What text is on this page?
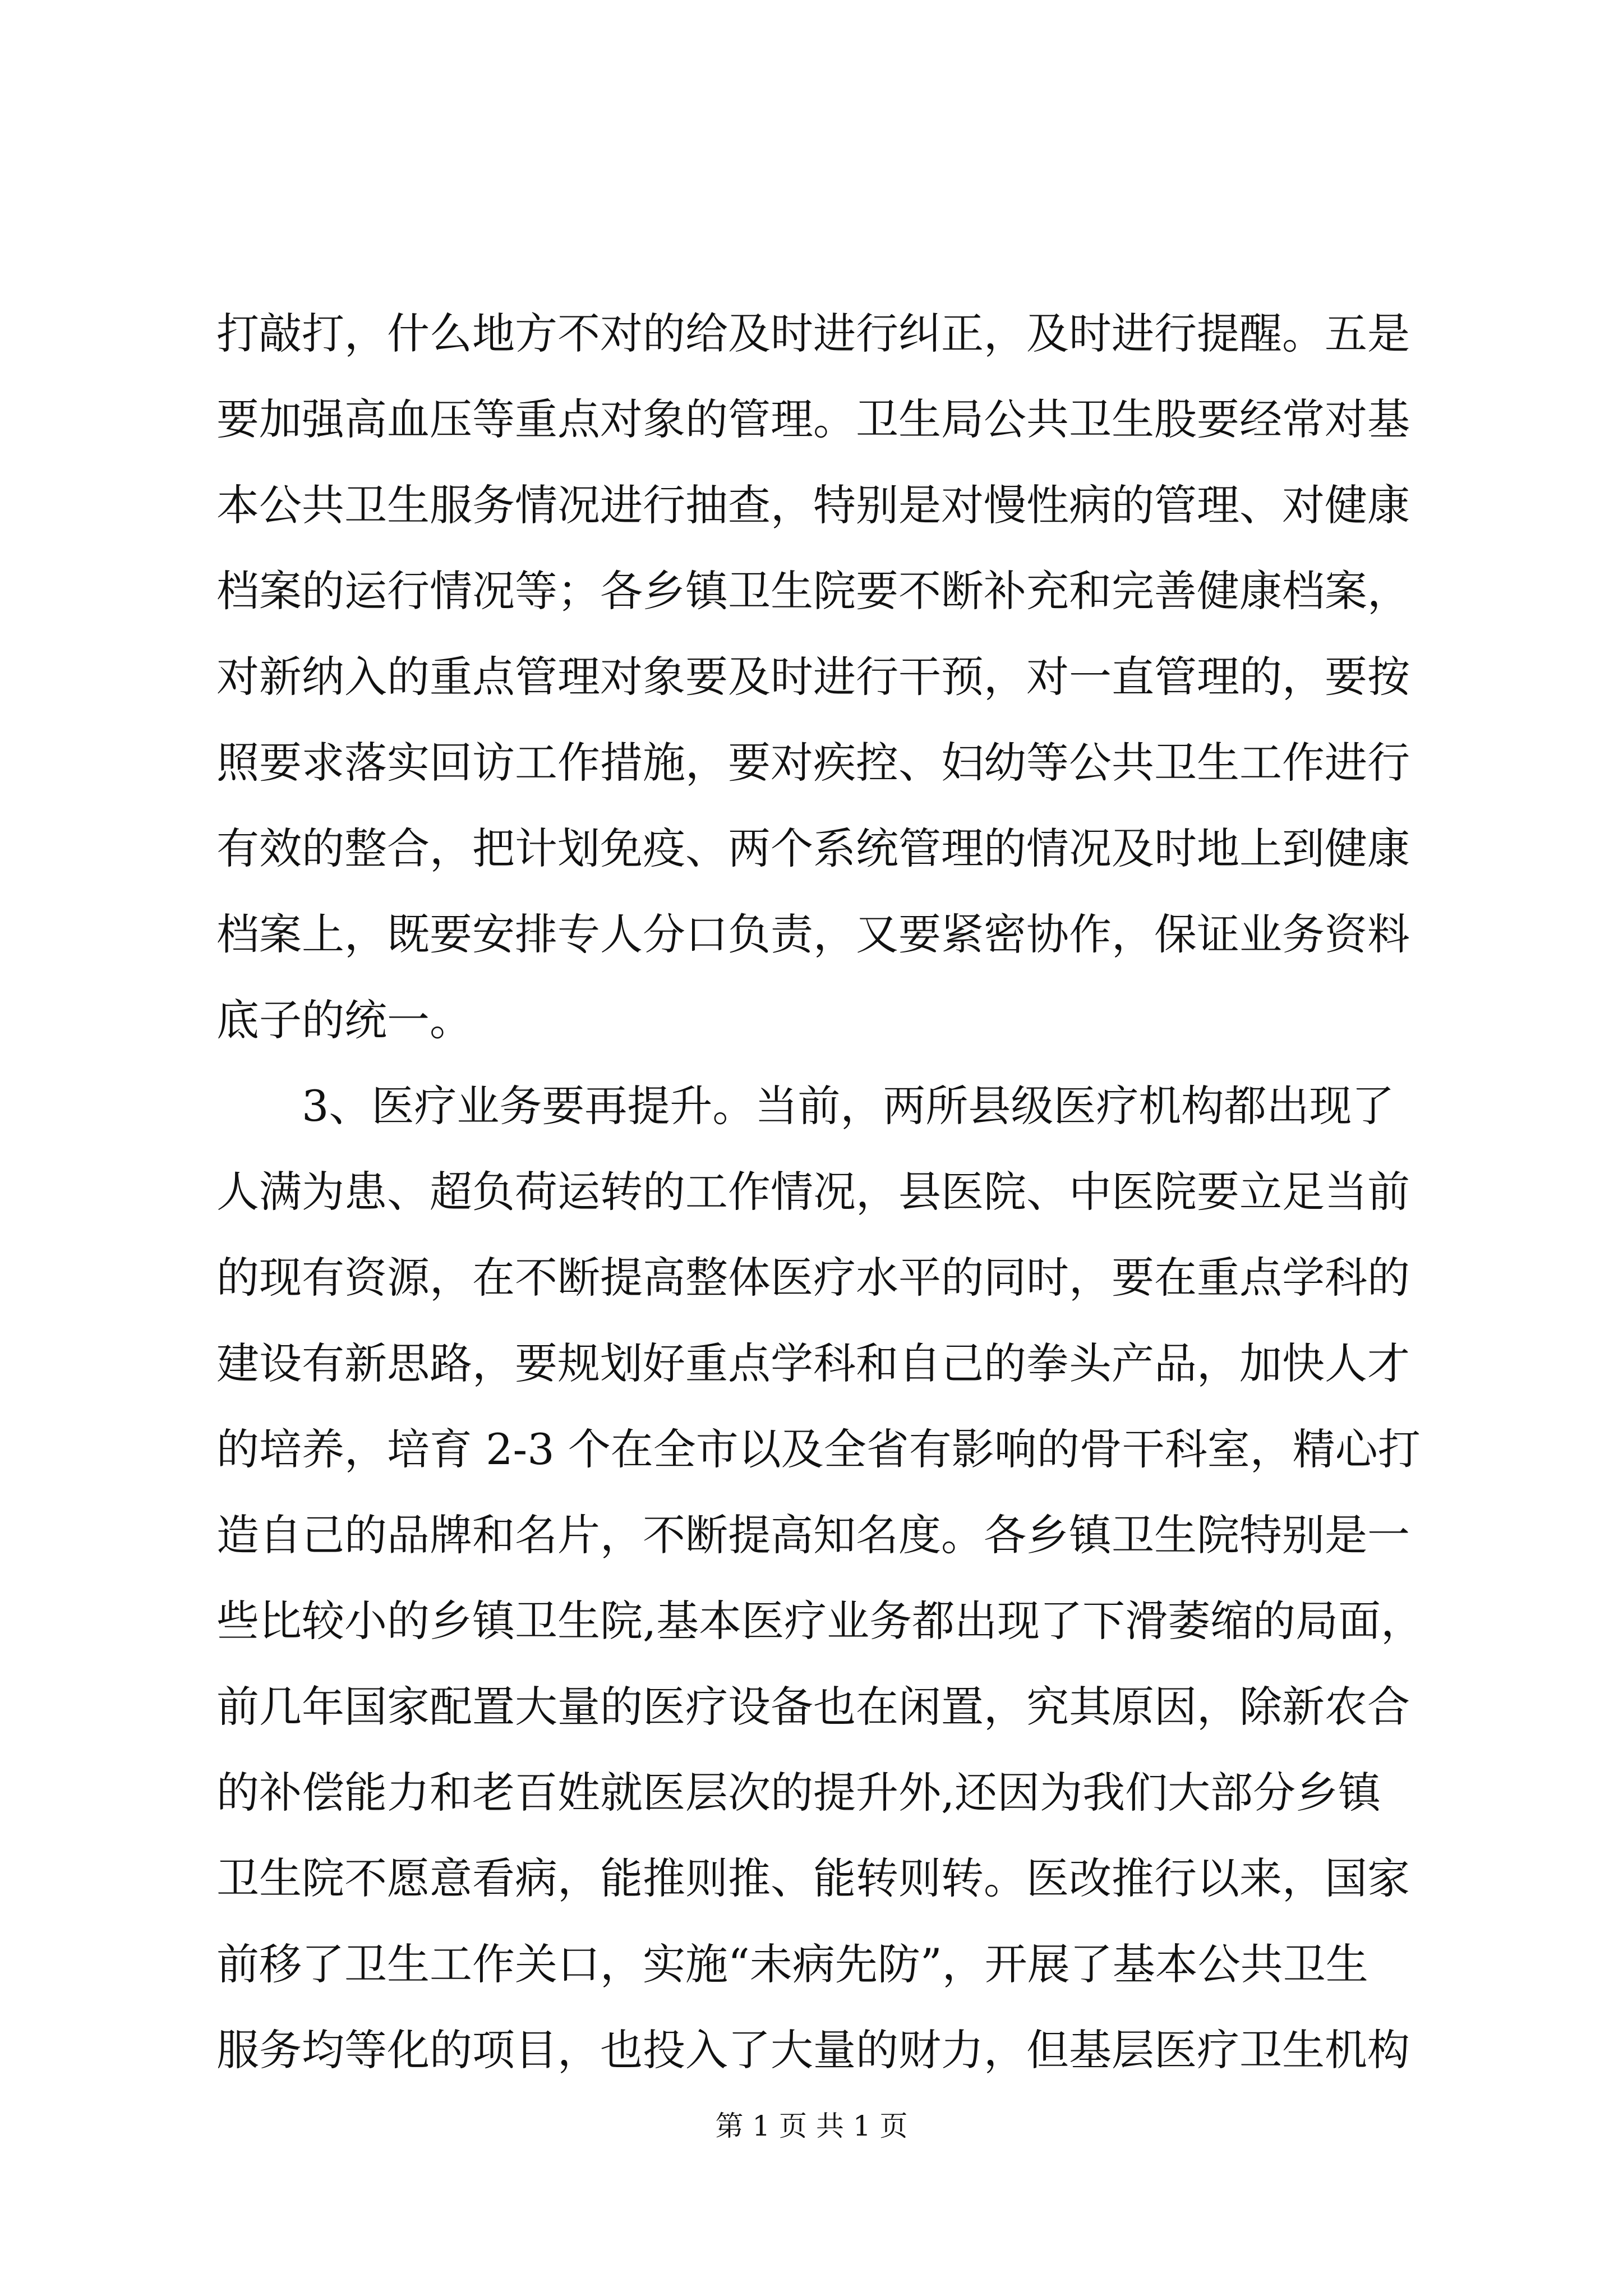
打敲打，什么地方不对的给及时进行纠正，及时进行提醒。五是
要加强高血压等重点对象的管理。卫生局公共卫生股要经常对基
本公共卫生服务情况进行抽查，特别是对慢性病的管理、对健康
档案的运行情况等；各乡镇卫生院要不断补充和完善健康档案，
对新纳入的重点管理对象要及时进行干预，对一直管理的，要按
照要求落实回访工作措施，要对疾控、妇幼等公共卫生工作进行
有效的整合，把计划免疫、两个系统管理的情况及时地上到健康
档案上，既要安排专人分口负责，又要紧密协作，保证业务资料
底子的统一。
3、医疗业务要再提升。当前，两所县级医疗机构都出现了
人满为患、超负荷运转的工作情况，县医院、中医院要立足当前
的现有资源，在不断提高整体医疗水平的同时，要在重点学科的
建设有新思路，要规划好重点学科和自己的拳头产品，加快人才
的培养，培育 2-3 个在全市以及全省有影响的骨干科室，精心打
造自己的品牌和名片，不断提高知名度。各乡镇卫生院特别是一
些比较小的乡镇卫生院,基本医疗业务都出现了下滑萎缩的局面，
前几年国家配置大量的医疗设备也在闲置，究其原因，除新农合
的补偿能力和老百姓就医层次的提升外,还因为我们大部分乡镇
卫生院不愿意看病，能推则推、能转则转。医改推行以来，国家
前移了卫生工作关口，实施“未病先防”，开展了基本公共卫生
服务均等化的项目，也投入了大量的财力，但基层医疗卫生机构
第 1 页 共 1 页
